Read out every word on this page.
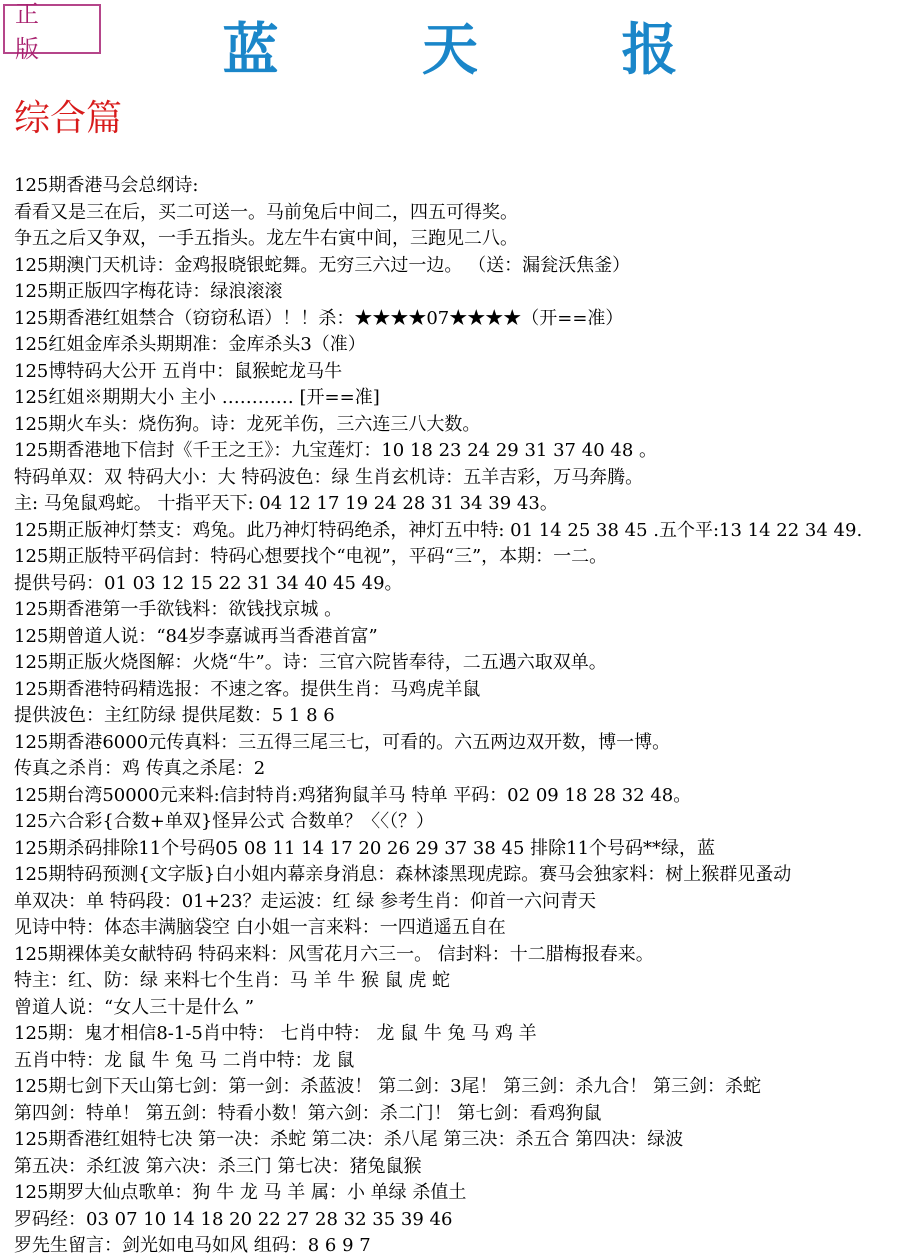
正 版	蓝 天 报
综合篇
125期香港马会总纲诗:
看看又是三在后，买二可送一。马前兔后中间二，四五可得奖。
争五之后又争双，一手五指头。龙左牛右寅中间，三跑见二八。
125期澳门天机诗：金鸡报晓银蛇舞。无穷三六过一边。 （送：漏瓮沃焦釜）
125期正版四字梅花诗：绿浪滚滚
125期香港红姐禁合（窃窃私语）！！杀：★★★★07★★★★（开==准）
125红姐金库杀头期期准：金库杀头3（准）
125博特码大公开 五肖中：鼠猴蛇龙马牛
125红姐※期期大小 主小 ………… [开==准]
125期火车头：烧伤狗。诗：龙死羊伤，三六连三八大数。
125期香港地下信封《千王之王》：九宝莲灯：10 18 23 24 29 31 37 40 48 。
特码单双：双 特码大小：大 特码波色：绿 生肖玄机诗：五羊吉彩，万马奔腾。
主: 马兔鼠鸡蛇。 十指平天下: 04 12 17 19 24 28 31 34 39 43。
125期正版神灯禁支：鸡兔。此乃神灯特码绝杀，神灯五中特: 01 14 25 38 45 .五个平:13 14 22 34 49.
125期正版特平码信封：特码心想要找个“电视”，平码“三”，本期：一二。
提供号码：01 03 12 15 22 31 34 40 45 49。
125期香港第一手欲钱料：欲钱找京城 。
125期曾道人说：“84岁李嘉诚再当香港首富”
125期正版火烧图解：火烧“牛”。诗：三官六院皆奉待，二五遇六取双单。
125期香港特码精选报：不速之客。提供生肖：马鸡虎羊鼠
提供波色：主红防绿 提供尾数：5 1 8 6
125期香港6000元传真料：三五得三尾三七，可看的。六五两边双开数，博一博。
传真之杀肖：鸡 传真之杀尾：2
125期台湾50000元来料:信封特肖:鸡猪狗鼠羊马 特单 平码：02 09 18 28 32 48。
125六合彩{合数+单双}怪异公式 合数单？〈〈（？）
125期杀码排除11个号码05 08 11 14 17 20 26 29 37 38 45 排除11个号码**绿，蓝
125期特码预测{文字版}白小姐内幕亲身消息：森林漆黑现虎踪。赛马会独家料：树上猴群见蚤动
单双决：单 特码段：01+23？走运波：红 绿 参考生肖：仰首一六问青天
见诗中特：体态丰满脑袋空 白小姐一言来料：一四逍遥五自在
125期裸体美女献特码 特码来料：风雪花月六三一。 信封料：十二腊梅报春来。
特主：红、防：绿 来料七个生肖：马 羊 牛 猴 鼠 虎 蛇
曾道人说：“女人三十是什么 ”
125期：鬼才相信8-1-5肖中特： 七肖中特： 龙 鼠 牛 兔 马 鸡 羊
五肖中特：龙 鼠 牛 兔 马 二肖中特：龙 鼠
125期七剑下天山第七剑：第一剑：杀蓝波！ 第二剑：3尾！ 第三剑：杀九合！ 第三剑：杀蛇
第四剑：特单！ 第五剑：特看小数！第六剑：杀二门！ 第七剑：看鸡狗鼠
125期香港红姐特七决 第一决：杀蛇 第二决：杀八尾 第三决：杀五合 第四决：绿波
第五决：杀红波 第六决：杀三门 第七决：猪兔鼠猴
125期罗大仙点歌单：狗 牛 龙 马 羊 属：小 单绿 杀值土
罗码经：03 07 10 14 18 20 22 27 28 32 35 39 46
罗先生留言：剑光如电马如风 组码：8 6 9 7
